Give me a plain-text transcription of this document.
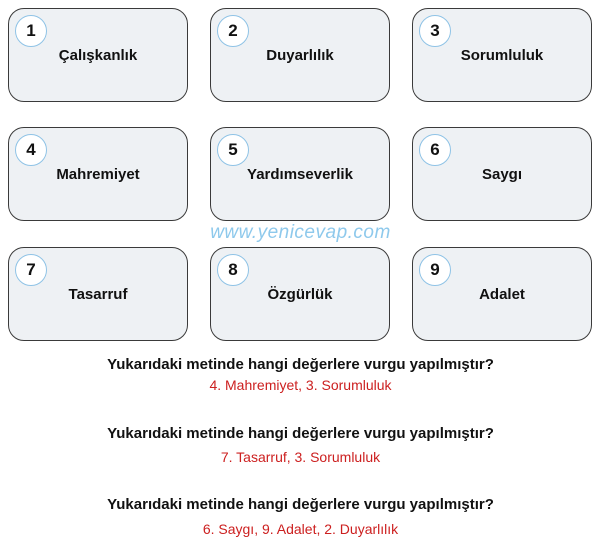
1
Çalışkanlık
2
Duyarlılık
3
Sorumluluk
4
Mahremiyet
5
Yardımseverlik
6
Saygı
www.yenicevap.com
7
Tasarruf
8
Özgürlük
9
Adalet
Yukarıdaki metinde hangi değerlere vurgu yapılmıştır?
4. Mahremiyet, 3. Sorumluluk
Yukarıdaki metinde hangi değerlere vurgu yapılmıştır?
7. Tasarruf, 3. Sorumluluk
Yukarıdaki metinde hangi değerlere vurgu yapılmıştır?
6. Saygı, 9. Adalet, 2. Duyarlılık
